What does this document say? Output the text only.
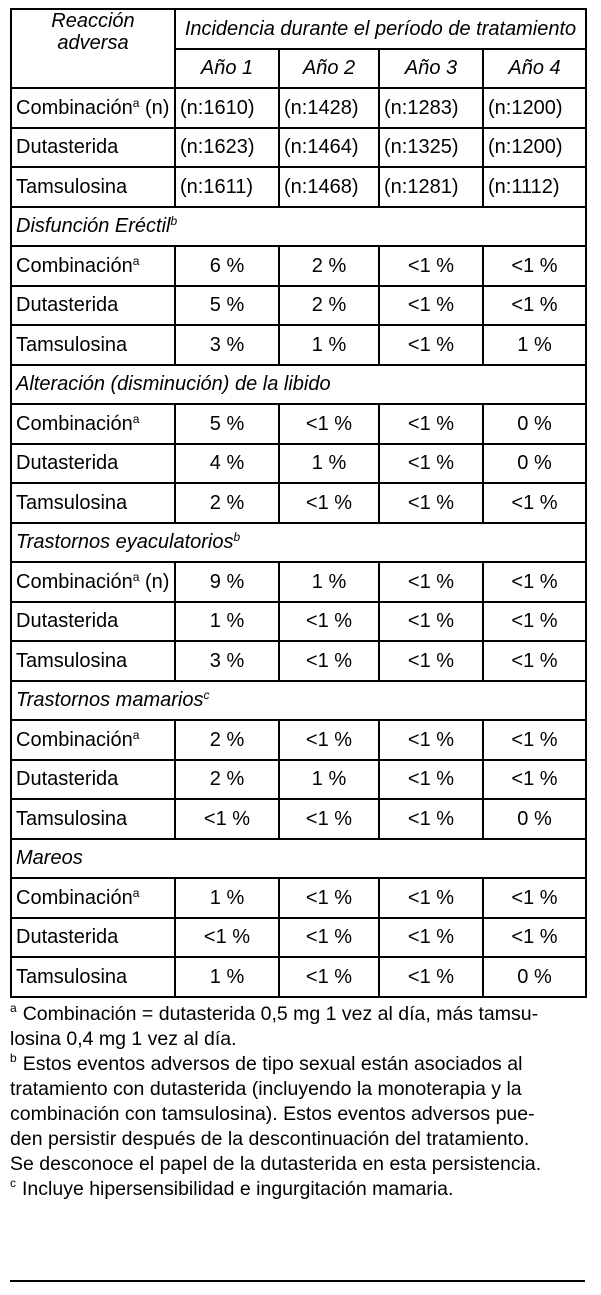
Reacción adversa	Incidencia durante el período de tratamiento			
	Año 1	Año 2	Año 3	Año 4
Combinación$^a$ (n)	(n:1610)	(n:1428)	(n:1283)	(n:1200)
Dutasterida	(n:1623)	(n:1464)	(n:1325)	(n:1200)
Tamsulosina	(n:1611)	(n:1468)	(n:1281)	(n:1112)
Disfunción Eréctil$^b$
Combinación$^a$	6 %	2 %	<1 %	<1 %
Dutasterida	5 %	2 %	<1 %	<1 %
Tamsulosina	3 %	1 %	<1 %	1 %
Alteración (disminución) de la libido				
Combinación$^a$	5 %	<1 %	<1 %	0 %
Dutasterida	4 %	1 %	<1 %	0 %
Tamsulosina	2 %	<1 %	<1 %	<1 %
Trastornos eyaculatorios$^b$
Combinación$^a$ (n)	9 %	1 %	<1 %	<1 %
Dutasterida	1 %	<1 %	<1 %	<1 %
Tamsulosina	3 %	<1 %	<1 %	<1 %
Trastornos mamarios$^c$
Combinación$^a$	2 %	<1 %	<1 %	<1 %
Dutasterida	2 %	1 %	<1 %	<1 %
Tamsulosina	<1 %	<1 %	<1 %	0 %
Mareos				
Combinación$^a$	1 %	<1 %	<1 %	<1 %
Dutasterida	<1 %	<1 %	<1 %	<1 %
Tamsulosina	1 %	<1 %	<1 %	0 %
$^a$ Combinación = dutasterida 0,5 mg 1 vez al día, más tamsu-
losina 0,4 mg 1 vez al día.
$^b$ Estos eventos adversos de tipo sexual están asociados al
tratamiento con dutasterida (incluyendo la monoterapia y la
combinación con tamsulosina). Estos eventos adversos pue-
den persistir después de la descontinuación del tratamiento.
Se desconoce el papel de la dutasterida en esta persistencia.
$^c$ Incluye hipersensibilidad e ingurgitación mamaria.
